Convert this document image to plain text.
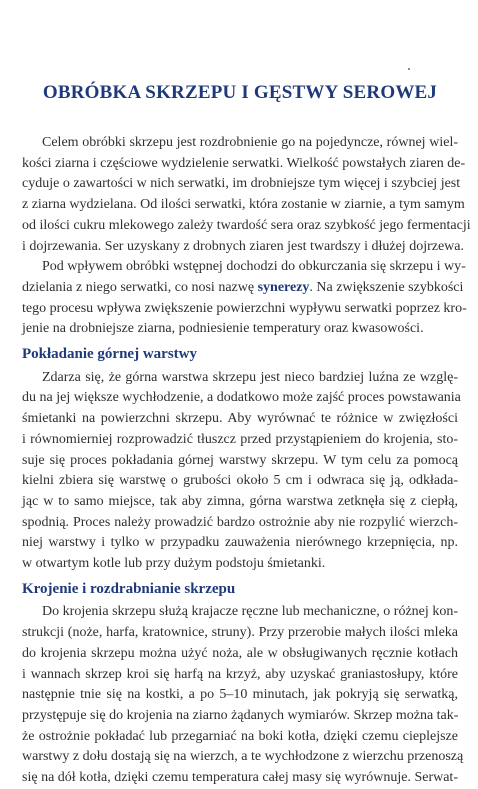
OBRÓBKA SKRZEPU I GĘSTWY SEROWEJ

Celem obróbki skrzepu jest rozdrobnienie go na pojedyncze, równej wiel-
kości ziarna i częściowe wydzielenie serwatki. Wielkość powstałych ziaren de-
cyduje o zawartości w nich serwatki, im drobniejsze tym więcej i szybciej jest
z ziarna wydzielana. Od ilości serwatki, która zostanie w ziarnie, a tym samym
od ilości cukru mlekowego zależy twardość sera oraz szybkość jego fermentacji
i dojrzewania. Ser uzyskany z drobnych ziaren jest twardszy i dłużej dojrzewa.

Pod wpływem obróbki wstępnej dochodzi do obkurczania się skrzepu i wy-
dzielania z niego serwatki, co nosi nazwę synerezy. Na zwiększenie szybkości
tego procesu wpływa zwiększenie powierzchni wypływu serwatki poprzez kro-
jenie na drobniejsze ziarna, podniesienie temperatury oraz kwasowości.

Pokładanie górnej warstwy

Zdarza się, że górna warstwa skrzepu jest nieco bardziej luźna ze wzglę-
du na jej większe wychłodzenie, a dodatkowo może zajść proces powstawania
śmietanki na powierzchni skrzepu. Aby wyrównać te różnice w zwięzłości
i równomierniej rozprowadzić tłuszcz przed przystąpieniem do krojenia, sto-
suje się proces pokładania górnej warstwy skrzepu. W tym celu za pomocą
kielni zbiera się warstwę o grubości około 5 cm i odwraca się ją, odkłada-
jąc w to samo miejsce, tak aby zimna, górna warstwa zetknęła się z ciepłą,
spodnią. Proces należy prowadzić bardzo ostrożnie aby nie rozpylić wierzch-
niej warstwy i tylko w przypadku zauważenia nierównego krzepnięcia, np.
w otwartym kotle lub przy dużym podstoju śmietanki.

Krojenie i rozdrabnianie skrzepu

Do krojenia skrzepu służą krajacze ręczne lub mechaniczne, o różnej kon-
strukcji (noże, harfa, kratownice, struny). Przy przerobie małych ilości mleka
do krojenia skrzepu można użyć noża, ale w obsługiwanych ręcznie kotłach
i wannach skrzep kroi się harfą na krzyż, aby uzyskać graniastosłupy, które
następnie tnie się na kostki, a po 5–10 minutach, jak pokryją się serwatką,
przystępuje się do krojenia na ziarno żądanych wymiarów. Skrzep można tak-
że ostrożnie pokładać lub przegarniać na boki kotła, dzięki czemu cieplejsze
warstwy z dołu dostają się na wierzch, a te wychłodzone z wierzchu przenoszą
się na dół kotła, dzięki czemu temperatura całej masy się wyrównuje. Serwat-
